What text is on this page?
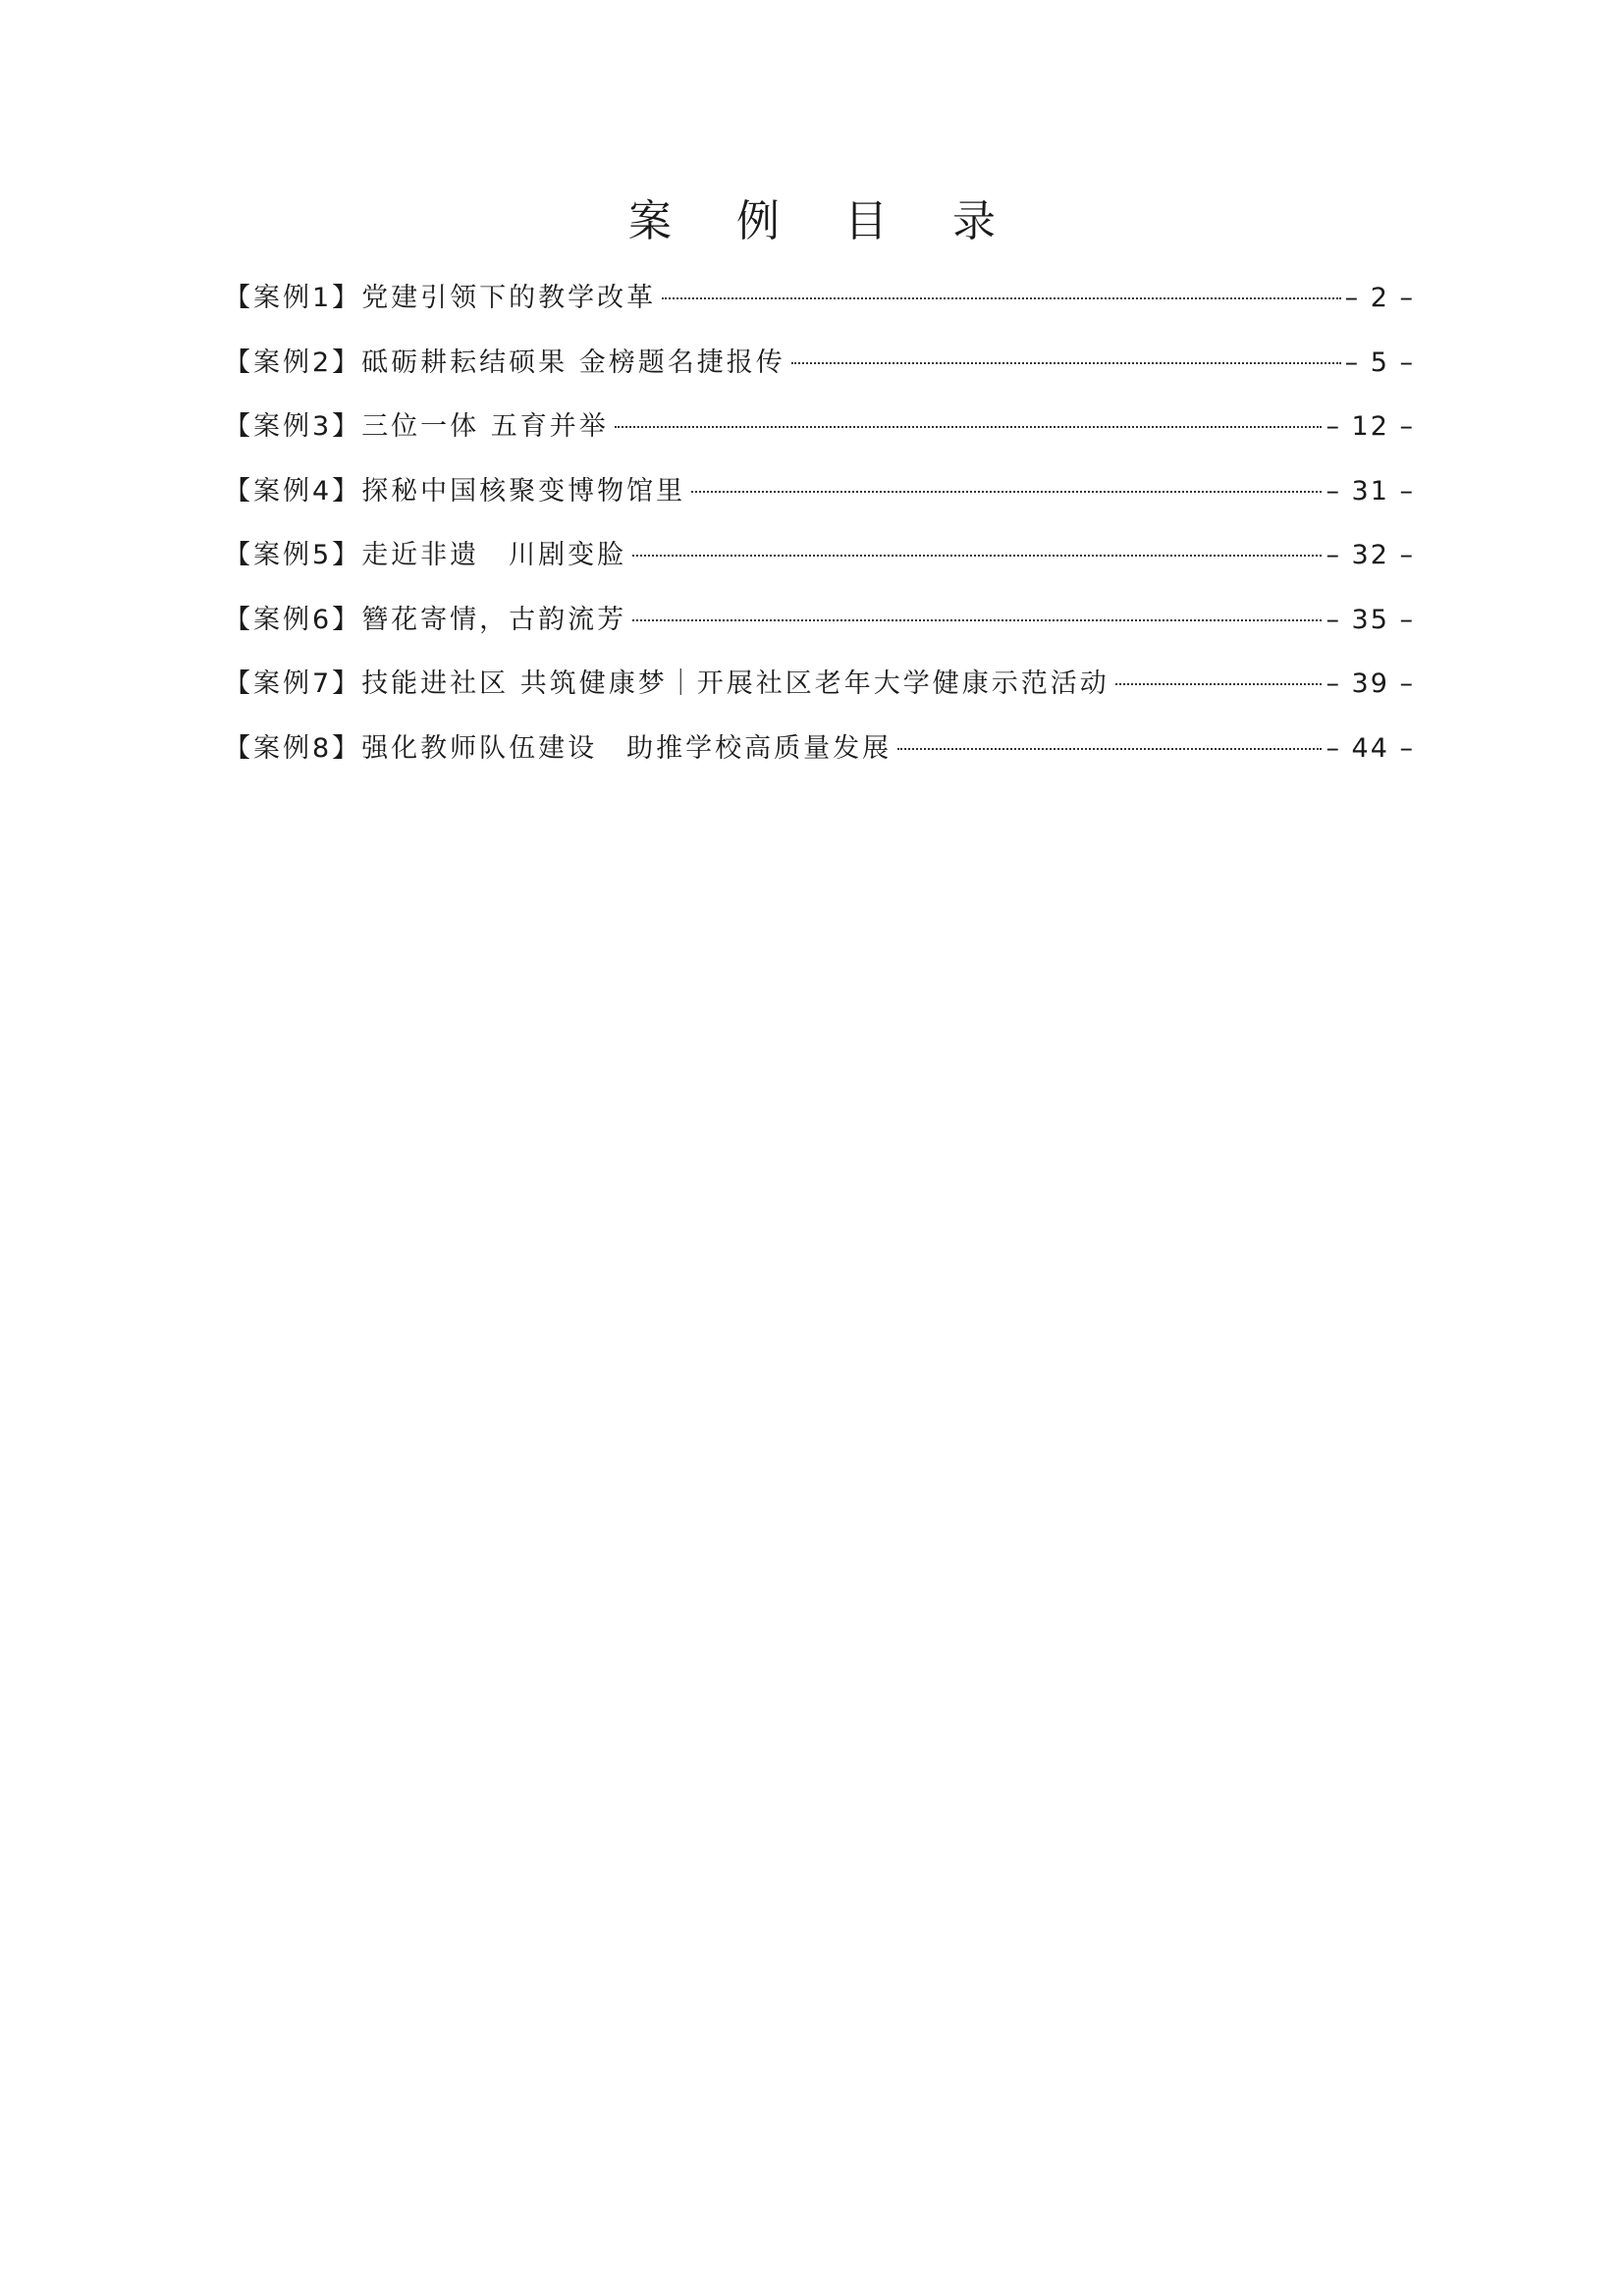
案 例 目 录
【案例1】 党建引领下的教学改革	– 2 –
【案例2】 砥砺耕耘结硕果 金榜题名捷报传	– 5 –
【案例3】 三位一体 五育并举	– 12 –
【案例4】 探秘中国核聚变博物馆里	– 31 –
【案例5】 走近非遗　川剧变脸	– 32 –
【案例6】 簪花寄情，古韵流芳	– 35 –
【案例7】 技能进社区 共筑健康梦｜开展社区老年大学健康示范活动	– 39 –
【案例8】 强化教师队伍建设　助推学校高质量发展	– 44 –
